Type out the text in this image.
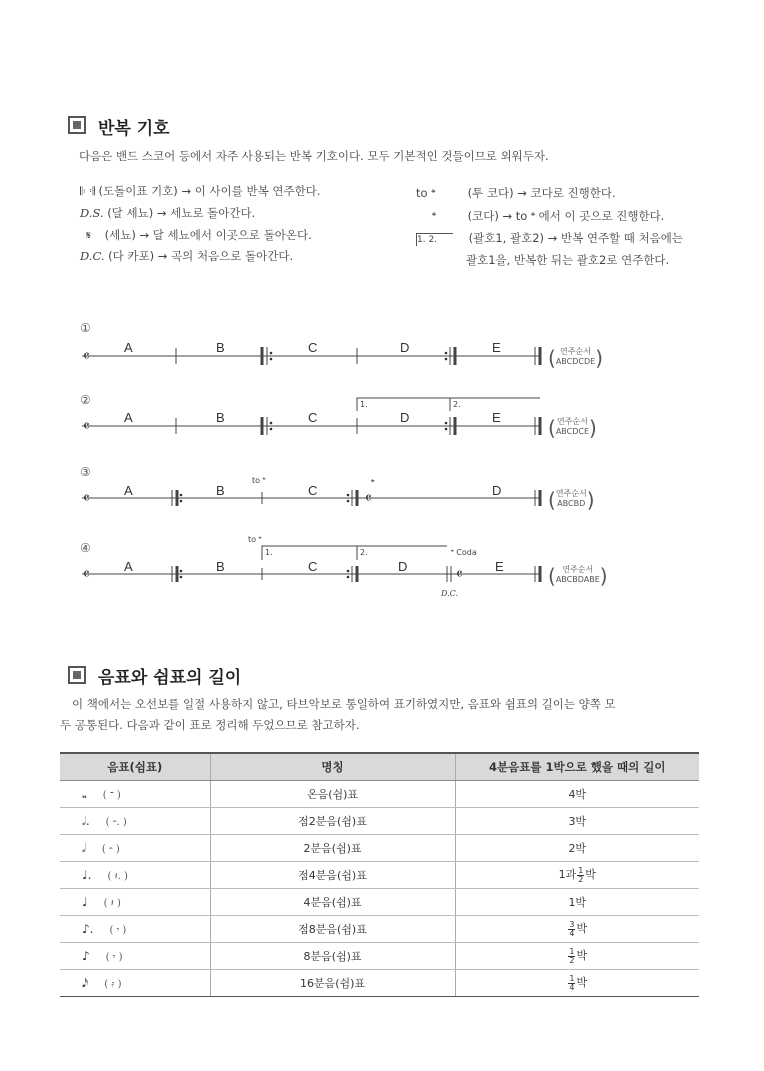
반복 기호
다음은 밴드 스코어 등에서 자주 사용되는 반복 기호이다. 모두 기본적인 것들이므로 외워두자.
𝄆 𝄇 (도돌이표 기호) → 이 사이를 반복 연주한다.
D.S. (달 세뇨) → 세뇨로 돌아간다.
𝄋 (세뇨) → 달 세뇨에서 이곳으로 돌아온다.
D.C. (다 카포) → 곡의 처음으로 돌아간다.
to 𝄌	(투 코다) → 코다로 진행한다.
𝄌	(코다) → to 𝄌 에서 이 곳으로 진행한다.
1. 2.	(괄호1, 괄호2) → 반복 연주할 때 처음에는
괄호1을, 반복한 뒤는 괄호2로 연주한다.
1.	2.
1.	2.
①
②
③
④
𝄴
𝄴
𝄴
𝄴
𝄴
𝄴
A	B	C	D	E
A	B	C	D	E
A	B	C	D
A	B	C	D	E
to 𝄌	𝄌
to 𝄌
𝄌 Coda
D.C.
( 연주순서
ABCDCDE )
( 연주순서
ABCDCE )
( 연주순서
ABCBD )
( 연주순서
ABCBDABE )
음표와 쉼표의 길이
이 책에서는 오선보를 일절 사용하지 않고, 타브악보로 통일하여 표기하였지만, 음표와 쉼표의 길이는 양쪽 모
두 공통된다. 다음과 같이 표로 정리해 두었으므로 참고하자.
음표(쉼표)	명칭	4분음표를 1박으로 했을 때의 길이
𝅝 ( 𝄻 )	온음(쉼)표	4박
𝅗𝅥. ( 𝄼. )	점2분음(쉼)표	3박
𝅗𝅥 ( 𝄼 )	2분음(쉼)표	2박
♩. ( 𝄽. )	점4분음(쉼)표	1과 $\frac{1}{2}$ 박
♩ ( 𝄽 )	4분음(쉼)표	1박
♪. ( 𝄾 )	점8분음(쉼)표	$\frac{3}{4}$ 박
♪ ( 𝄾 )	8분음(쉼)표	$\frac{1}{2}$ 박
𝅘𝅥𝅯 ( 𝄿 )	16분음(쉼)표	$\frac{1}{4}$ 박
